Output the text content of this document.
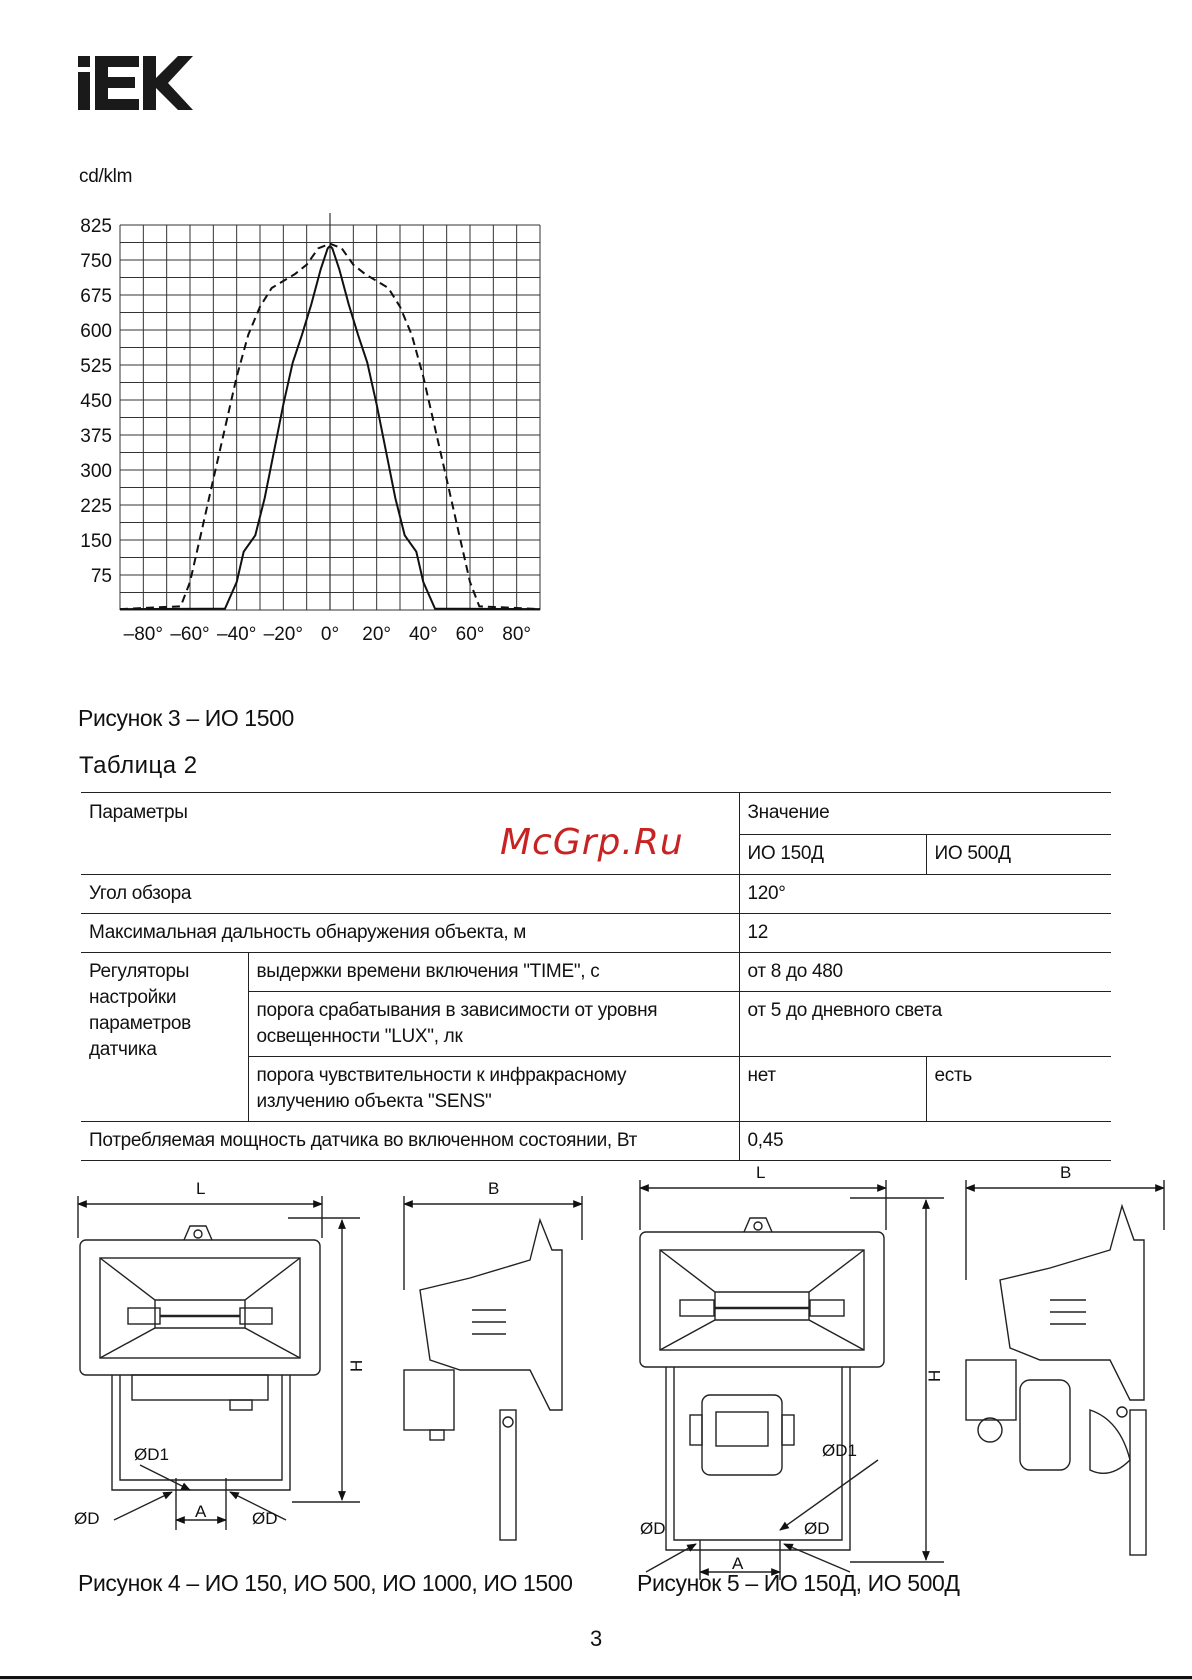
cd/klm
75
150
225
300
375
450
525
600
675
750
825
–80° –60° –40° –20° 0° 20° 40° 60° 80°
Рисунок 3 – ИО 1500
Таблица 2
McGrp.Ru
Параметры		Значение	
		ИО 150Д	ИО 500Д
Угол обзора		120°	
Максимальная дальность обнаружения объекта, м		12	
Регуляторы настройки параметров датчика	выдержки времени включения "TIME", с	от 8 до 480	
	порога срабатывания в зависимости от уровня освещенности "LUX", лк	от 5 до дневного света	
	порога чувствительности к инфракрасному излучению объекта "SENS"	нет	есть
Потребляемая мощность датчика во включенном состоянии, Вт		0,45	
L	B
H
A
ØD	ØD
ØD1
L	B
H
A
ØD	ØD
ØD1
Рисунок 4 – ИО 150, ИО 500, ИО 1000, ИО 1500	Рисунок 5 – ИО 150Д, ИО 500Д
3
